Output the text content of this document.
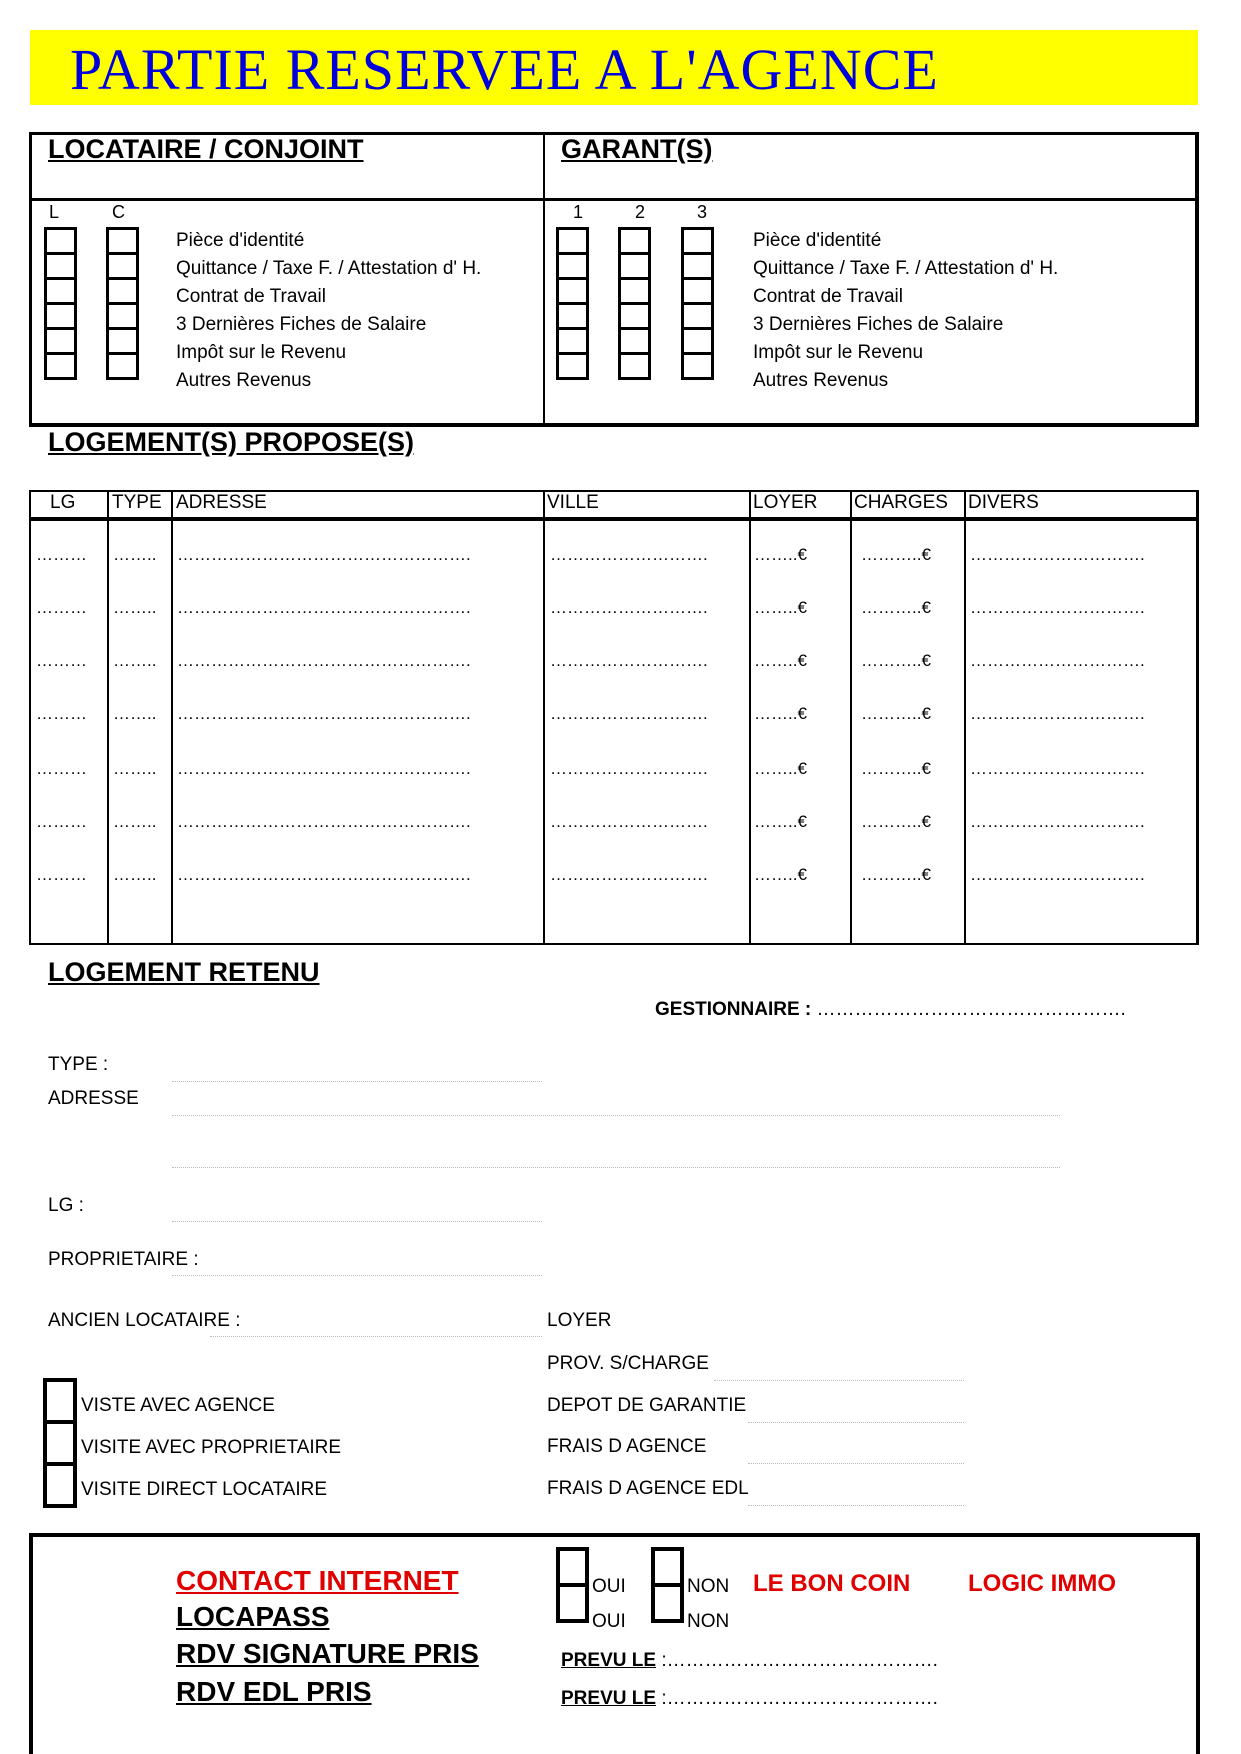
PARTIE RESERVEE A L'AGENCE
LOCATAIRE / CONJOINT	GARANT(S)
L	C	1	2	3
Pièce d'identité
Quittance / Taxe F. / Attestation d' H.
Contrat de Travail
3 Dernières Fiches de Salaire
Impôt sur le Revenu
Autres Revenus
Pièce d'identité
Quittance / Taxe F. / Attestation d' H.
Contrat de Travail
3 Dernières Fiches de Salaire
Impôt sur le Revenu
Autres Revenus
LOGEMENT(S) PROPOSE(S)
LG TYPE ADRESSE	VILLE	LOYER CHARGES DIVERS
……… …….. …………………………………………….	……………………….	……..€	………..€ ………………………….
……… …….. …………………………………………….	……………………….	……..€	………..€ ………………………….
……… …….. …………………………………………….	……………………….	……..€	………..€ ………………………….
……… …….. …………………………………………….	……………………….	……..€	………..€ ………………………….
……… …….. …………………………………………….	……………………….	……..€	………..€ ………………………….
……… …….. …………………………………………….	……………………….	……..€	………..€ ………………………….
……… …….. …………………………………………….	……………………….	……..€	………..€ ………………………….
LOGEMENT RETENU
GESTIONNAIRE : ………………………………………….
TYPE :
ADRESSE
LG :
PROPRIETAIRE :
ANCIEN LOCATAIRE :	LOYER
PROV. S/CHARGE
DEPOT DE GARANTIE
FRAIS D AGENCE
FRAIS D AGENCE EDL
VISTE AVEC AGENCE
VISITE AVEC PROPRIETAIRE
VISITE DIRECT LOCATAIRE
CONTACT INTERNET
LOCAPASS
RDV SIGNATURE PRIS
RDV EDL PRIS
OUI
OUI
NON
NON
LE BON COIN LOGIC IMMO
PREVU LE :…………………………………….
PREVU LE :…………………………………….
